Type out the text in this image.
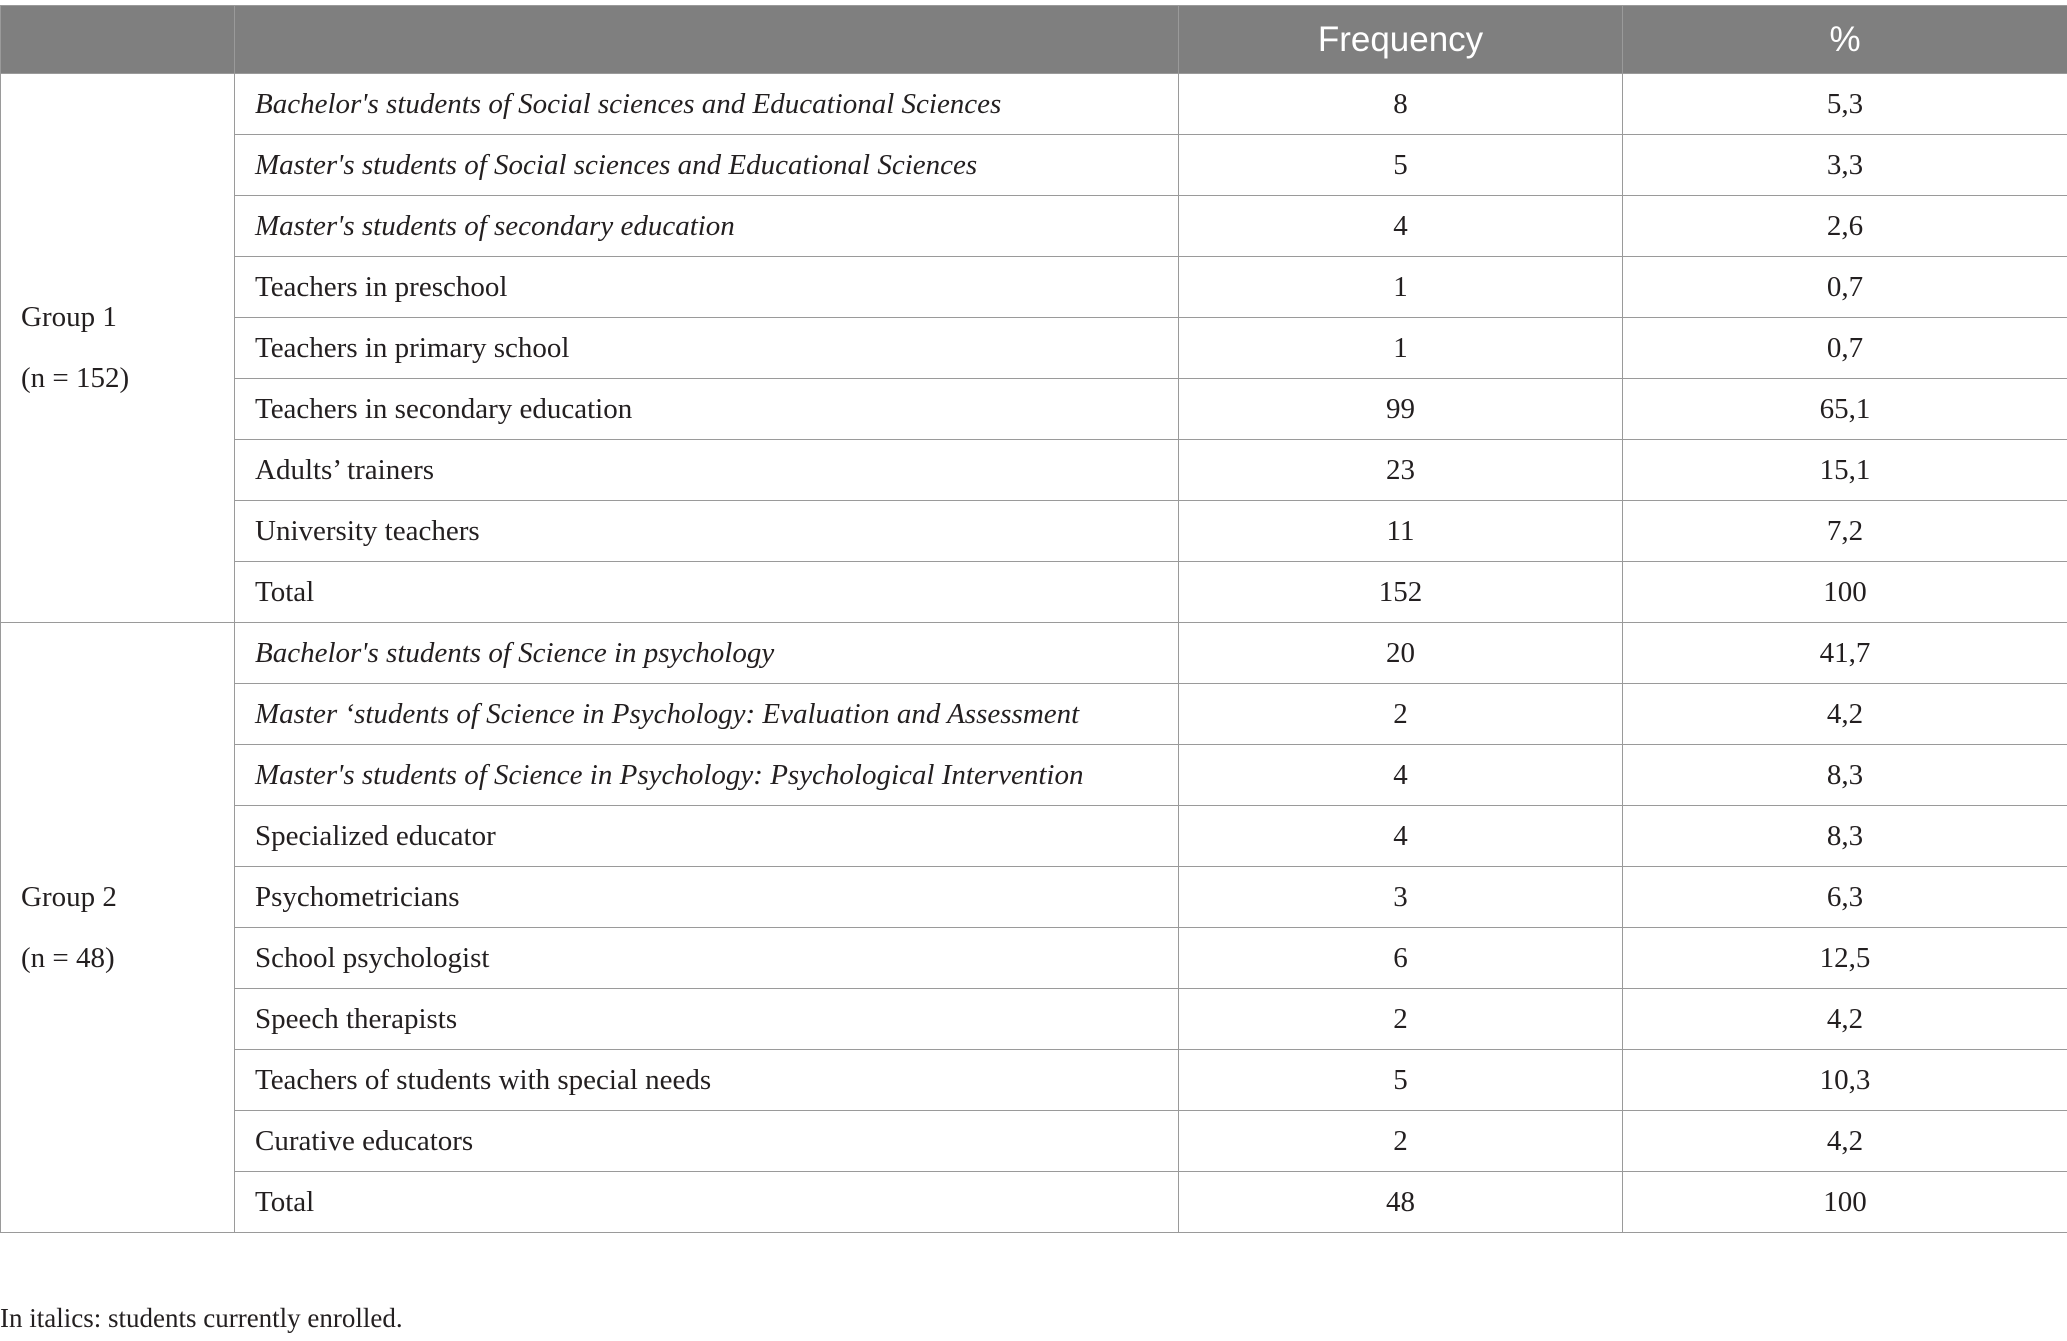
		Frequency	%

Group 1
(n = 152)	Bachelor's students of Social sciences and Educational Sciences	8	5,3
	Master's students of Social sciences and Educational Sciences	5	3,3
	Master's students of secondary education	4	2,6
	Teachers in preschool	1	0,7
	Teachers in primary school	1	0,7
	Teachers in secondary education	99	65,1
	Adults’ trainers	23	15,1
	University teachers	11	7,2
	Total	152	100

Group 2
(n = 48)	Bachelor's students of Science in psychology	20	41,7
	Master ‘students of Science in Psychology: Evaluation and Assessment	2	4,2
	Master's students of Science in Psychology: Psychological Intervention	4	8,3
	Specialized educator	4	8,3
	Psychometricians	3	6,3
	School psychologist	6	12,5
	Speech therapists	2	4,2
	Teachers of students with special needs	5	10,3
	Curative educators	2	4,2
	Total	48	100
In italics: students currently enrolled.
